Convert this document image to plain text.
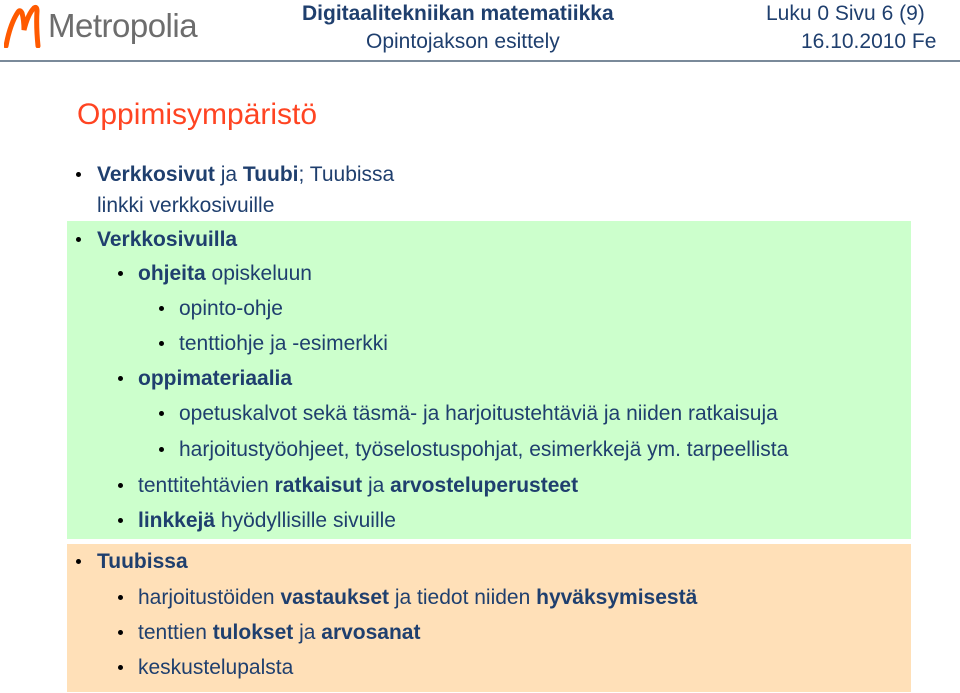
Metropolia	Digitaalitekniikan matematiikka
Opintojakson esittely
Luku 0 Sivu 6 (9)
16.10.2010 Fe
Oppimisympäristö
Verkkosivut ja Tuubi; Tuubissa
linkki verkkosivuille
Verkkosivuilla
ohjeita opiskeluun
opinto-ohje
tenttiohje ja -esimerkki
oppimateriaalia
opetuskalvot sekä täsmä- ja harjoitustehtäviä ja niiden ratkaisuja
harjoitustyöohjeet, työselostuspohjat, esimerkkejä ym. tarpeellista
tenttitehtävien ratkaisut ja arvosteluperusteet
linkkejä hyödyllisille sivuille
Tuubissa
harjoitustöiden vastaukset ja tiedot niiden hyväksymisestä
tenttien tulokset ja arvosanat
keskustelupalsta
